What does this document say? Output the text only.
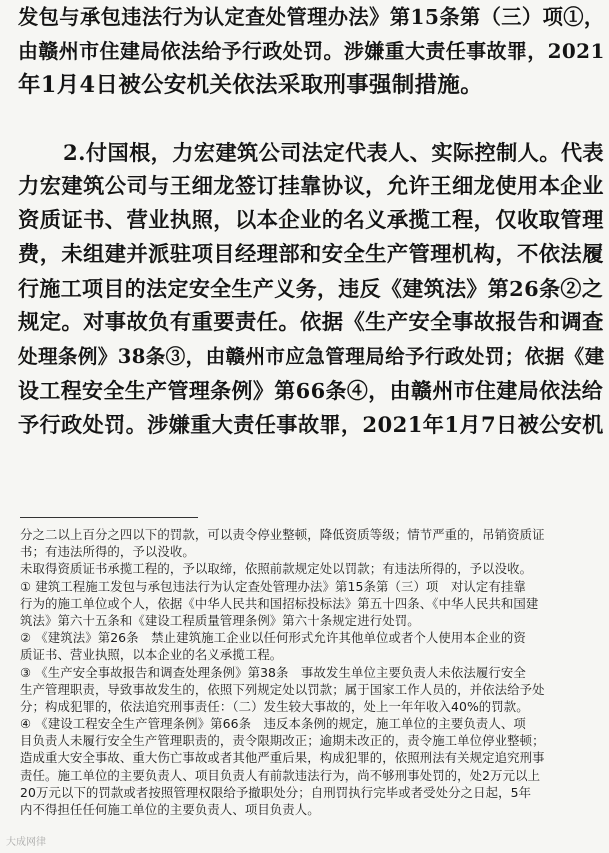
发包与承包违法行为认定查处管理办法》第15条第（三）项①，
由赣州市住建局依法给予行政处罚。涉嫌重大责任事故罪，2021
年1月4日被公安机关依法采取刑事强制措施。
2.付国根，力宏建筑公司法定代表人、实际控制人。代表
力宏建筑公司与王细龙签订挂靠协议，允许王细龙使用本企业
资质证书、营业执照，以本企业的名义承揽工程，仅收取管理
费，未组建并派驻项目经理部和安全生产管理机构，不依法履
行施工项目的法定安全生产义务，违反《建筑法》第26条②之
规定。对事故负有重要责任。依据《生产安全事故报告和调查
处理条例》38条③，由赣州市应急管理局给予行政处罚；依据《建
设工程安全生产管理条例》第66条④，由赣州市住建局依法给
予行政处罚。涉嫌重大责任事故罪，2021年1月7日被公安机
分之二以上百分之四以下的罚款，可以责令停业整顿，降低资质等级；情节严重的，吊销资质证
书；有违法所得的，予以没收。
未取得资质证书承揽工程的，予以取缔，依照前款规定处以罚款；有违法所得的，予以没收。
① 建筑工程施工发包与承包违法行为认定查处管理办法》第15条第（三）项　对认定有挂靠
行为的施工单位或个人，依据《中华人民共和国招标投标法》第五十四条、《中华人民共和国建
筑法》第六十五条和《建设工程质量管理条例》第六十条规定进行处罚。
② 《建筑法》第26条　禁止建筑施工企业以任何形式允许其他单位或者个人使用本企业的资
质证书、营业执照，以本企业的名义承揽工程。
③ 《生产安全事故报告和调查处理条例》第38条　事故发生单位主要负责人未依法履行安全
生产管理职责，导致事故发生的，依照下列规定处以罚款；属于国家工作人员的，并依法给予处
分；构成犯罪的，依法追究刑事责任：（二）发生较大事故的，处上一年年收入40%的罚款。
④ 《建设工程安全生产管理条例》第66条　违反本条例的规定，施工单位的主要负责人、项
目负责人未履行安全生产管理职责的，责令限期改正；逾期未改正的，责令施工单位停业整顿；
造成重大安全事故、重大伤亡事故或者其他严重后果，构成犯罪的，依照刑法有关规定追究刑事
责任。施工单位的主要负责人、项目负责人有前款违法行为，尚不够刑事处罚的，处2万元以上
20万元以下的罚款或者按照管理权限给予撤职处分；自刑罚执行完毕或者受处分之日起，5年
内不得担任任何施工单位的主要负责人、项目负责人。
大成网律
